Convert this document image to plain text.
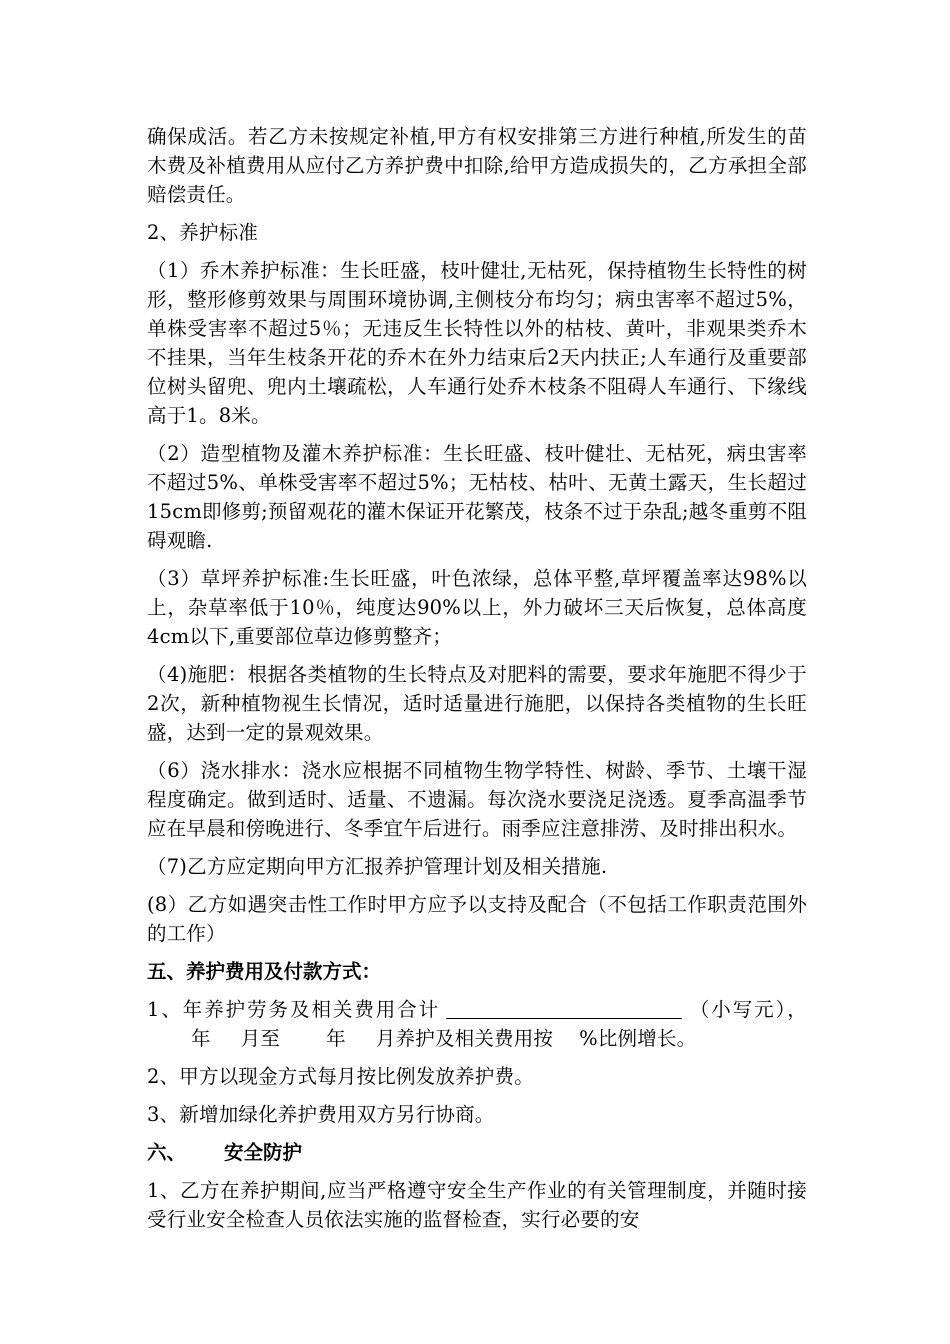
确保成活。若乙方未按规定补植,甲方有权安排第三方进行种植,所发生的苗木费及补植费用从应付乙方养护费中扣除,给甲方造成损失的，乙方承担全部赔偿责任。

2、养护标准

（1）乔木养护标准：生长旺盛，枝叶健壮,无枯死，保持植物生长特性的树形，整形修剪效果与周围环境协调,主侧枝分布均匀；病虫害率不超过5%，单株受害率不超过5％；无违反生长特性以外的枯枝、黄叶，非观果类乔木不挂果，当年生枝条开花的乔木在外力结束后2天内扶正;人车通行及重要部位树头留兜、兜内土壤疏松，人车通行处乔木枝条不阻碍人车通行、下缘线高于1。8米。

（2）造型植物及灌木养护标准：生长旺盛、枝叶健壮、无枯死，病虫害率不超过5%、单株受害率不超过5%；无枯枝、枯叶、无黄土露天，生长超过15cm即修剪;预留观花的灌木保证开花繁茂，枝条不过于杂乱;越冬重剪不阻碍观瞻.

（3）草坪养护标准:生长旺盛，叶色浓绿，总体平整,草坪覆盖率达98%以上，杂草率低于10％，纯度达90%以上，外力破坏三天后恢复，总体高度4cm以下,重要部位草边修剪整齐；

（4)施肥：根据各类植物的生长特点及对肥料的需要，要求年施肥不得少于2次，新种植物视生长情况，适时适量进行施肥，以保持各类植物的生长旺盛，达到一定的景观效果。

（6）浇水排水：浇水应根据不同植物生物学特性、树龄、季节、土壤干湿程度确定。做到适时、适量、不遗漏。每次浇水要浇足浇透。夏季高温季节应在早晨和傍晚进行、冬季宜午后进行。雨季应注意排涝、及时排出积水。

（7)乙方应定期向甲方汇报养护管理计划及相关措施.

(8）乙方如遇突击性工作时甲方应予以支持及配合（不包括工作职责范围外的工作）

五、养护费用及付款方式：

1、年养护劳务及相关费用合计	（小写元），年 月至 年 月养护及相关费用按 %比例增长。

2、甲方以现金方式每月按比例发放养护费。

3、新增加绿化养护费用双方另行协商。

六、 安全防护

1、乙方在养护期间,应当严格遵守安全生产作业的有关管理制度，并随时接受行业安全检查人员依法实施的监督检查，实行必要的安
